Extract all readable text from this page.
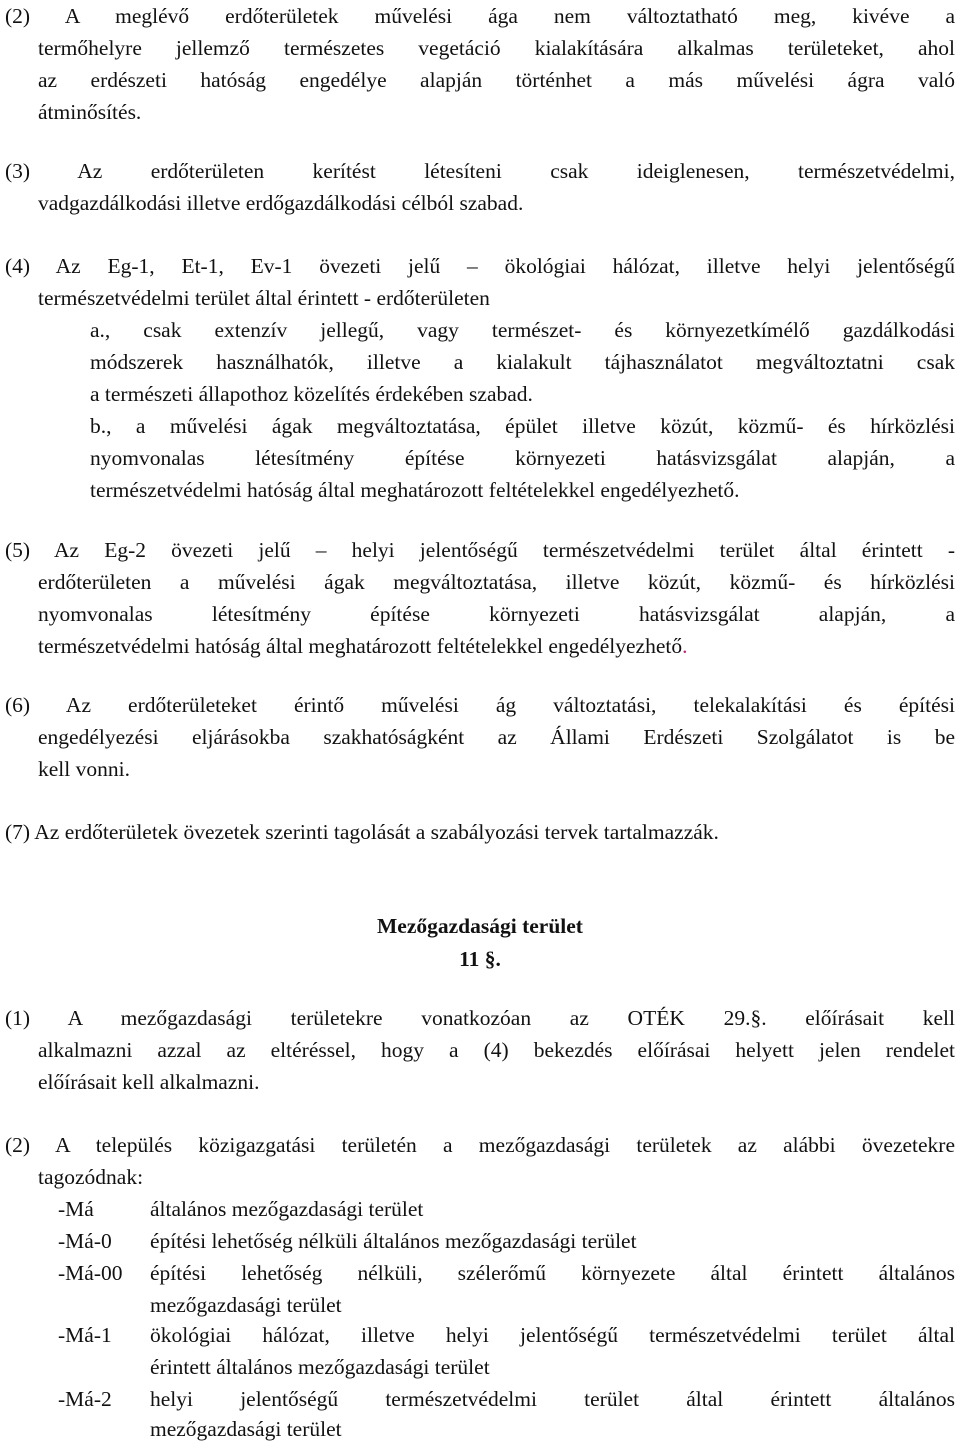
(2) A meglévő erdőterületek művelési ága nem változtatható meg, kivéve a
termőhelyre jellemző természetes vegetáció kialakítására alkalmas területeket, ahol
az erdészeti hatóság engedélye alapján történhet a más művelési ágra való
átminősítés.
(3) Az erdőterületen kerítést létesíteni csak ideiglenesen, természetvédelmi,
vadgazdálkodási illetve erdőgazdálkodási célból szabad.
(4) Az Eg-1, Et-1, Ev-1 övezeti jelű – ökológiai hálózat, illetve helyi jelentőségű
természetvédelmi terület által érintett - erdőterületen
a., csak extenzív jellegű, vagy természet- és környezetkímélő gazdálkodási
módszerek használhatók, illetve a kialakult tájhasználatot megváltoztatni csak
a természeti állapothoz közelítés érdekében szabad.
b., a művelési ágak megváltoztatása, épület illetve közút, közmű- és hírközlési
nyomvonalas létesítmény építése környezeti hatásvizsgálat alapján, a
természetvédelmi hatóság által meghatározott feltételekkel engedélyezhető.
(5) Az Eg-2 övezeti jelű – helyi jelentőségű természetvédelmi terület által érintett -
erdőterületen a művelési ágak megváltoztatása, illetve közút, közmű- és hírközlési
nyomvonalas létesítmény építése környezeti hatásvizsgálat alapján, a
természetvédelmi hatóság által meghatározott feltételekkel engedélyezhető.
(6) Az erdőterületeket érintő művelési ág változtatási, telekalakítási és építési
engedélyezési eljárásokba szakhatóságként az Állami Erdészeti Szolgálatot is be
kell vonni.
(7) Az erdőterületek övezetek szerinti tagolását a szabályozási tervek tartalmazzák.
Mezőgazdasági terület
11 §.
(1) A mezőgazdasági területekre vonatkozóan az OTÉK 29.§. előírásait kell
alkalmazni azzal az eltéréssel, hogy a (4) bekezdés előírásai helyett jelen rendelet
előírásait kell alkalmazni.
(2) A település közigazgatási területén a mezőgazdasági területek az alábbi övezetekre
tagozódnak:
-Má	általános mezőgazdasági terület
-Má-0 építési lehetőség nélküli általános mezőgazdasági terület
-Má-00 építési lehetőség nélküli, szélerőmű környezete által érintett általános
mezőgazdasági terület
-Má-1 ökológiai hálózat, illetve helyi jelentőségű természetvédelmi terület által
érintett általános mezőgazdasági terület
-Má-2 helyi jelentőségű természetvédelmi terület által érintett általános
mezőgazdasági terület
